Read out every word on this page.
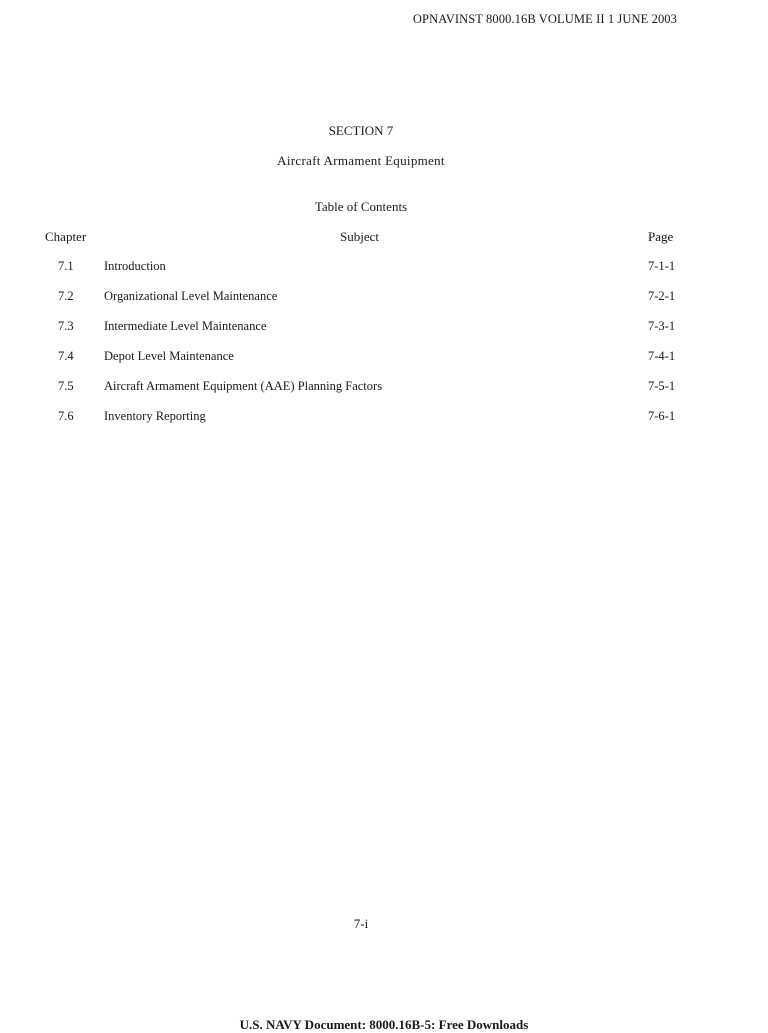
OPNAVINST 8000.16B VOLUME II 1 JUNE 2003
SECTION 7
Aircraft Armament Equipment
Table of Contents
Chapter	Subject	Page
7.1 Introduction	7-1-1
7.2 Organizational Level Maintenance	7-2-1
7.3 Intermediate Level Maintenance	7-3-1
7.4 Depot Level Maintenance	7-4-1
7.5 Aircraft Armament Equipment (AAE) Planning Factors	7-5-1
7.6 Inventory Reporting	7-6-1
7-i
U.S. NAVY Document: 8000.16B-5: Free Downloads
